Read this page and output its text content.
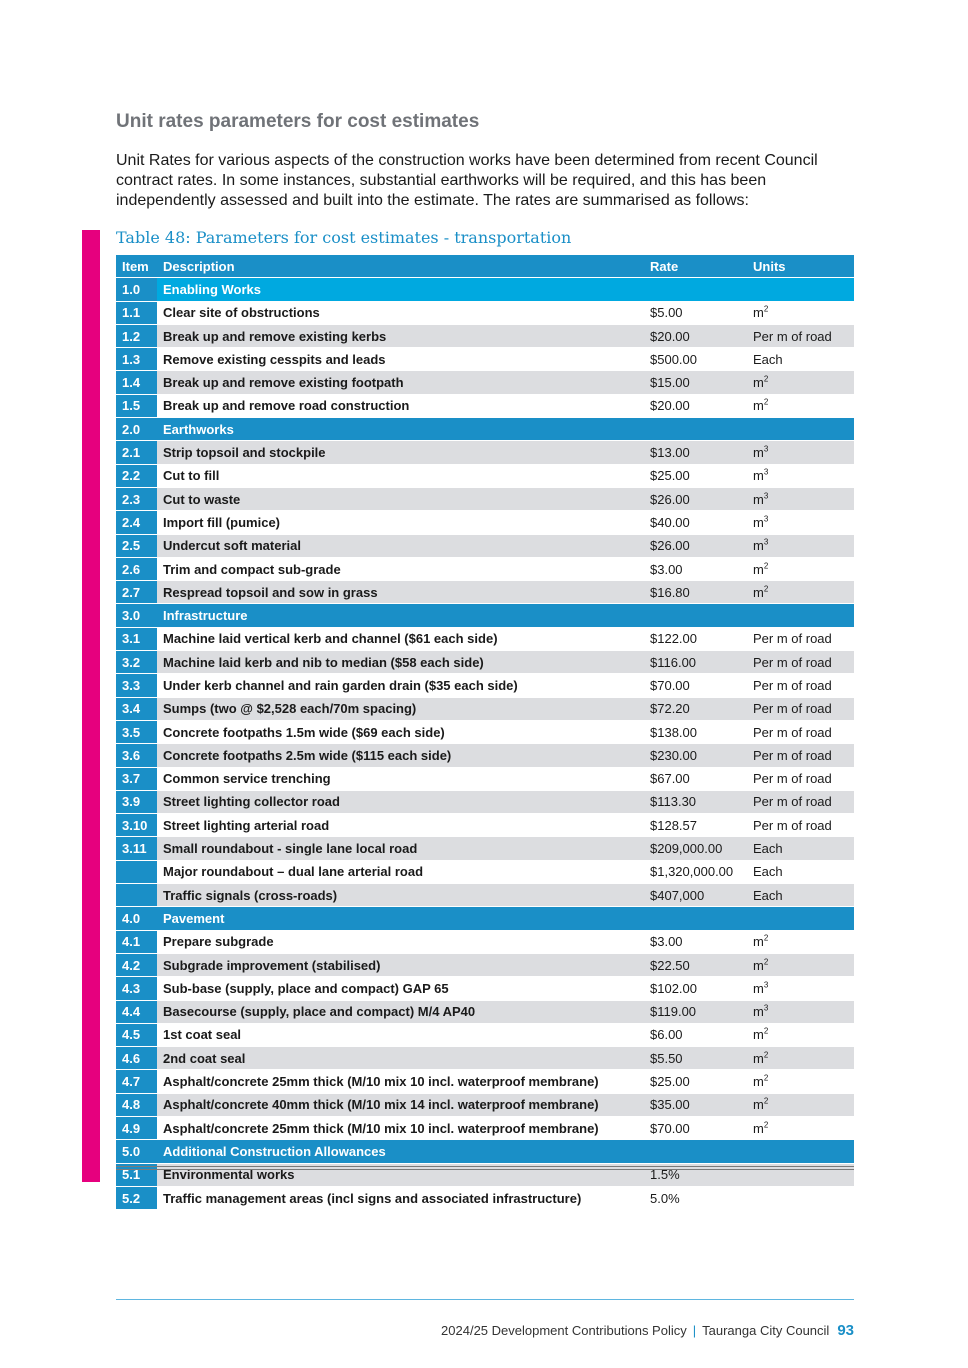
Unit rates parameters for cost estimates

Unit Rates for various aspects of the construction works have been determined from recent Council contract rates. In some instances, substantial earthworks will be required, and this has been independently assessed and built into the estimate. The rates are summarised as follows:

Table 48: Parameters for cost estimates - transportation

Item	Description	Rate	Units
1.0	Enabling Works		
1.1	Clear site of obstructions	$5.00	$m^2$
1.2	Break up and remove existing kerbs	$20.00	Per m of road
1.3	Remove existing cesspits and leads	$500.00	Each
1.4	Break up and remove existing footpath	$15.00	$m^2$
1.5	Break up and remove road construction	$20.00	$m^2$
2.0	Earthworks		
2.1	Strip topsoil and stockpile	$13.00	$m^3$
2.2	Cut to fill	$25.00	$m^3$
2.3	Cut to waste	$26.00	$m^3$
2.4	Import fill (pumice)	$40.00	$m^3$
2.5	Undercut soft material	$26.00	$m^3$
2.6	Trim and compact sub-grade	$3.00	$m^2$
2.7	Respread topsoil and sow in grass	$16.80	$m^2$
3.0	Infrastructure		
3.1	Machine laid vertical kerb and channel ($61 each side)	$122.00	Per m of road
3.2	Machine laid kerb and nib to median ($58 each side)	$116.00	Per m of road
3.3	Under kerb channel and rain garden drain ($35 each side)	$70.00	Per m of road
3.4	Sumps (two @ $2,528 each/70m spacing)	$72.20	Per m of road
3.5	Concrete footpaths 1.5m wide ($69 each side)	$138.00	Per m of road
3.6	Concrete footpaths 2.5m wide ($115 each side)	$230.00	Per m of road
3.7	Common service trenching	$67.00	Per m of road
3.9	Street lighting collector road	$113.30	Per m of road
3.10	Street lighting arterial road	$128.57	Per m of road
3.11	Small roundabout - single lane local road	$209,000.00	Each
	Major roundabout – dual lane arterial road	$1,320,000.00	Each
	Traffic signals (cross-roads)	$407,000	Each
4.0	Pavement		
4.1	Prepare subgrade	$3.00	$m^2$
4.2	Subgrade improvement (stabilised)	$22.50	$m^2$
4.3	Sub-base (supply, place and compact) GAP 65	$102.00	$m^3$
4.4	Basecourse (supply, place and compact) M/4 AP40	$119.00	$m^3$
4.5	1st coat seal	$6.00	$m^2$
4.6	2nd coat seal	$5.50	$m^2$
4.7	Asphalt/concrete 25mm thick (M/10 mix 10 incl. waterproof membrane)	$25.00	$m^2$
4.8	Asphalt/concrete 40mm thick (M/10 mix 14 incl. waterproof membrane)	$35.00	$m^2$
4.9	Asphalt/concrete 25mm thick (M/10 mix 10 incl. waterproof membrane)	$70.00	$m^2$
5.0	Additional Construction Allowances		
5.1	Environmental works	1.5%	
5.2	Traffic management areas (incl signs and associated infrastructure)	5.0%	
2024/25 Development Contributions Policy | Tauranga City Council 93
